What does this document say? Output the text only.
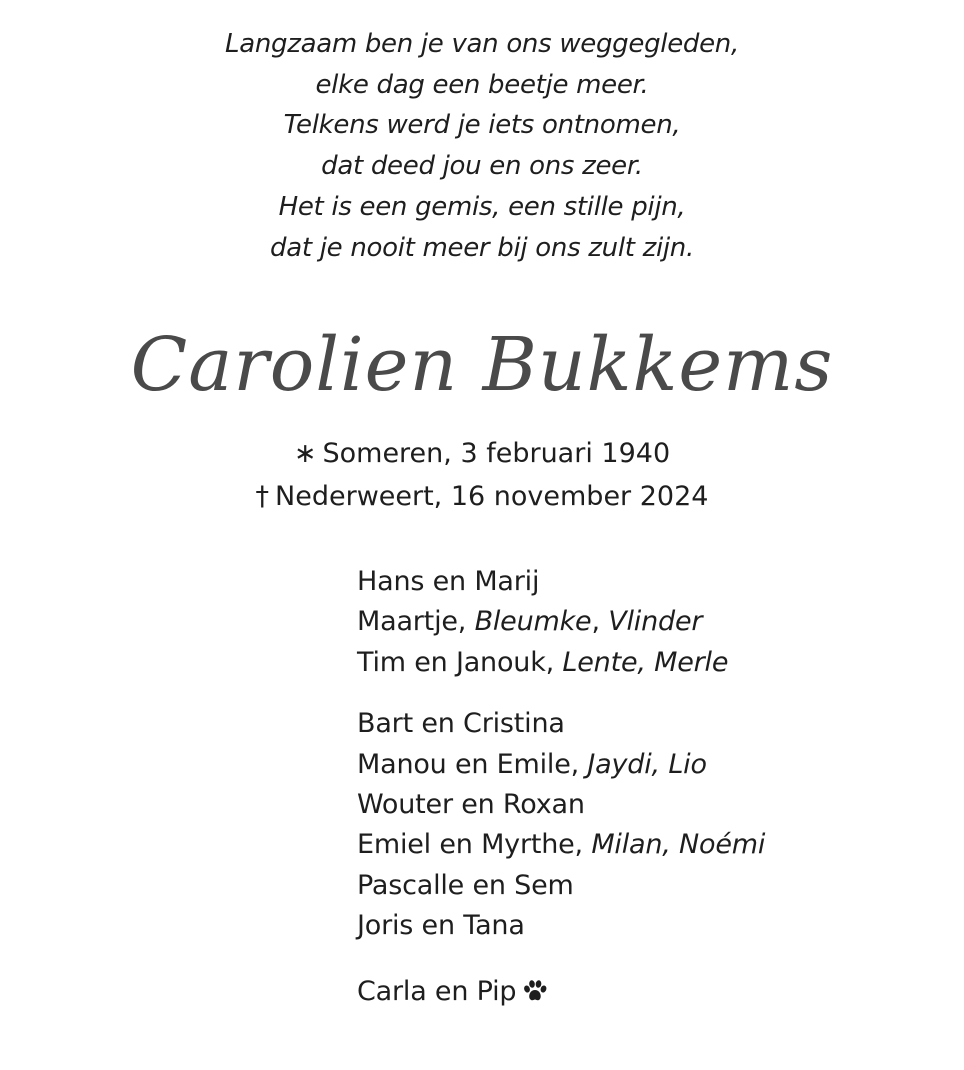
Langzaam ben je van ons weggegleden,
elke dag een beetje meer.
Telkens werd je iets ontnomen,
dat deed jou en ons zeer.
Het is een gemis, een stille pijn,
dat je nooit meer bij ons zult zijn.
Carolien Bukkems
∗ Someren, 3 februari 1940
† Nederweert, 16 november 2024
Hans en Marij
Maartje, Bleumke, Vlinder
Tim en Janouk, Lente, Merle
Bart en Cristina
Manou en Emile, Jaydi, Lio
Wouter en Roxan
Emiel en Myrthe, Milan, Noémi
Pascalle en Sem
Joris en Tana
Carla en Pip
